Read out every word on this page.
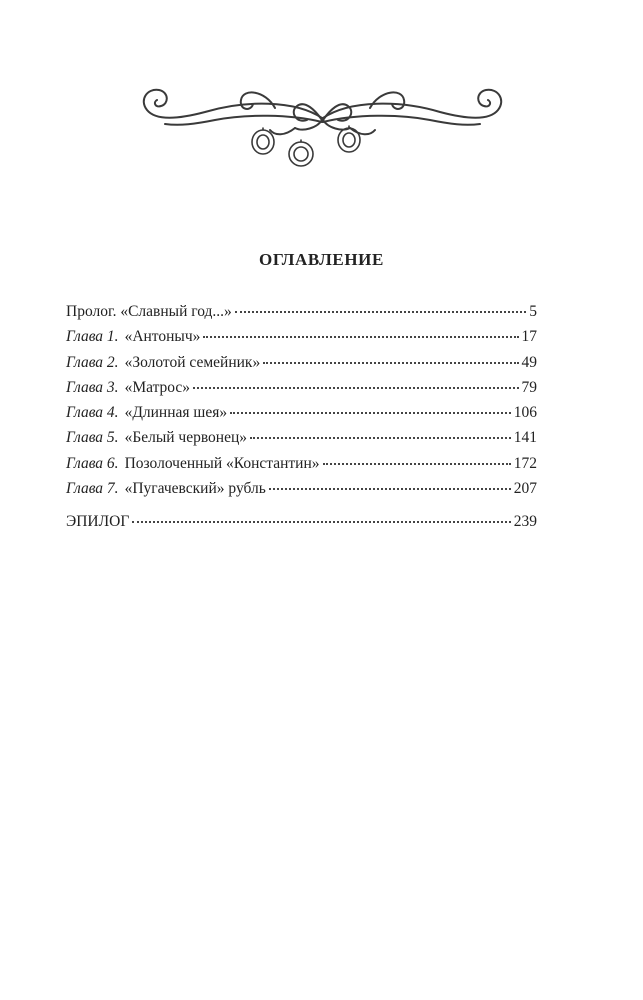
ОГЛАВЛЕНИЕ
Пролог. «Славный год...»	5
Глава 1. «Антоныч»	17
Глава 2. «Золотой семейник»	49
Глава 3. «Матрос»	79
Глава 4. «Длинная шея»	106
Глава 5. «Белый червонец»	141
Глава 6. Позолоченный «Константин»	172
Глава 7. «Пугачевский» рубль	207
ЭПИЛОГ	239
